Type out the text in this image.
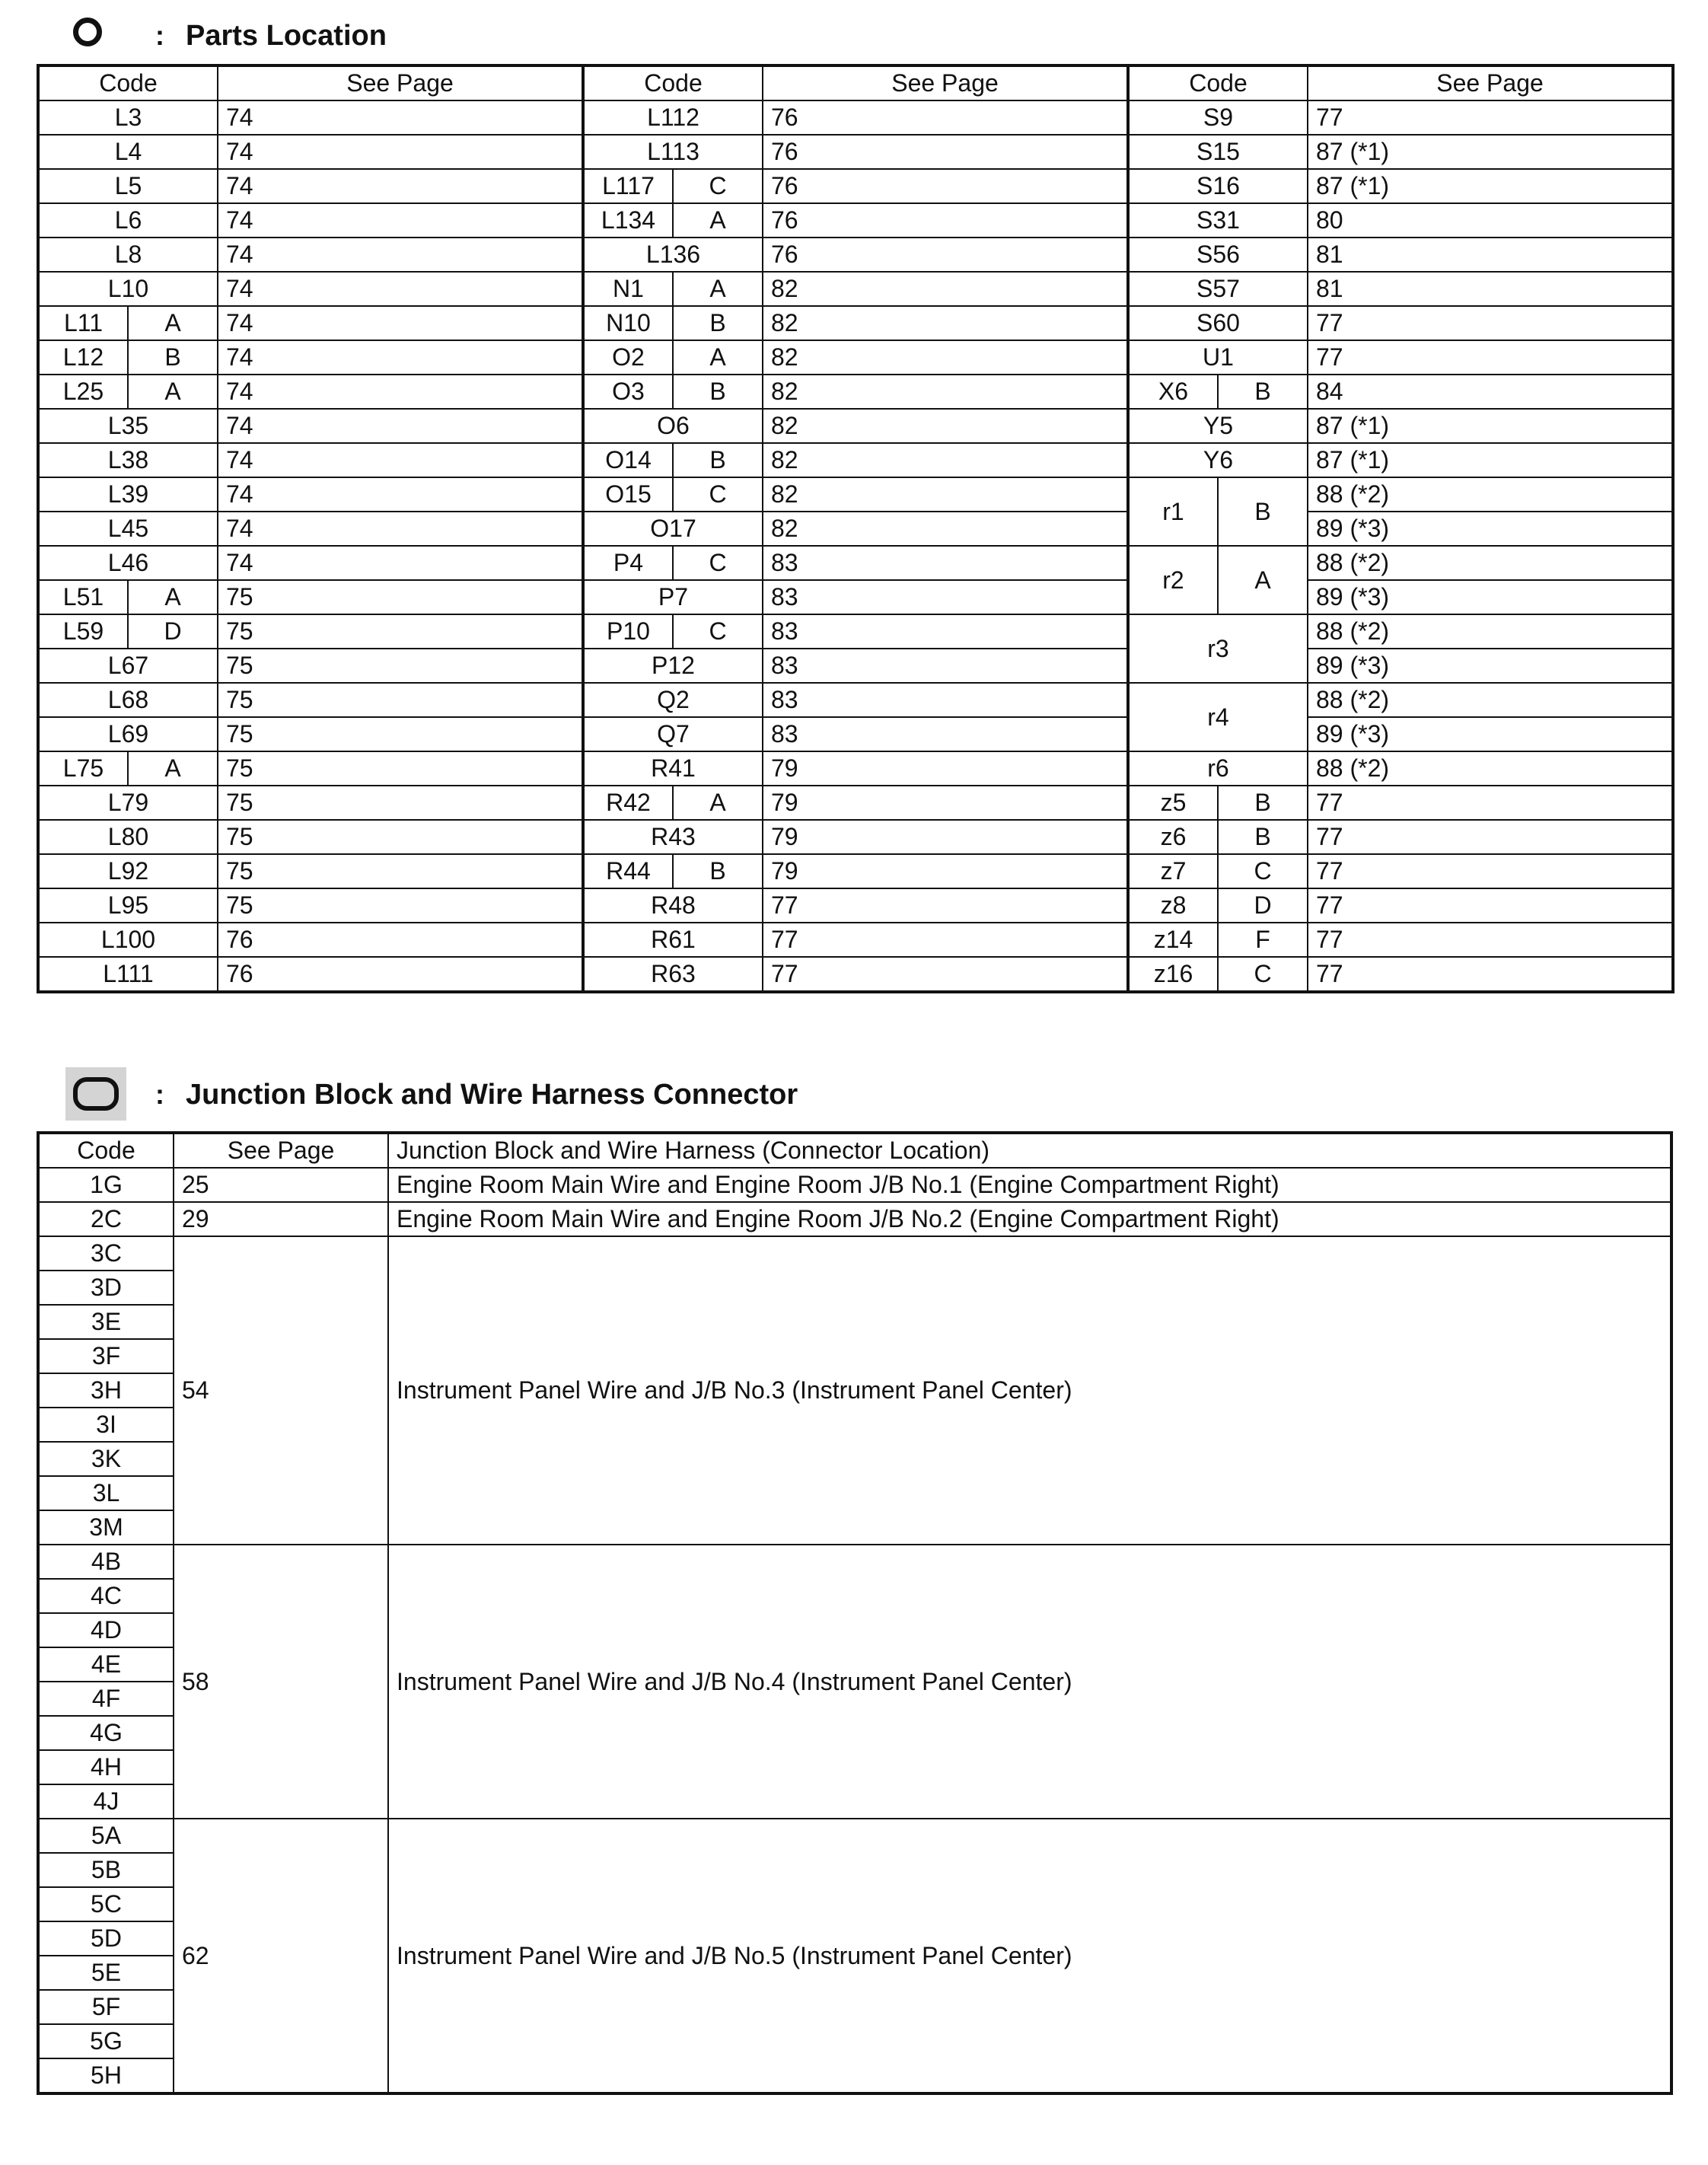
: Parts Location
Code		See Page	Code		See Page	Code		See Page
L3		74	L112		76	S9		77
L4		74	L113		76	S15		87 (*1)
L5		74	L117	C	76	S16		87 (*1)
L6		74	L134	A	76	S31		80
L8		74	L136		76	S56		81
L10		74	N1	A	82	S57		81
L11	A	74	N10	B	82	S60		77
L12	B	74	O2	A	82	U1		77
L25	A	74	O3	B	82	X6	B	84
L35		74	O6		82	Y5		87 (*1)
L38		74	O14	B	82	Y6		87 (*1)
L39		74	O15	C	82	r1	B	88 (*2)
L45		74	O17		82			89 (*3)
L46		74	P4	C	83	r2	A	88 (*2)
L51	A	75	P7		83			89 (*3)
L59	D	75	P10	C	83	r3		88 (*2)
L67		75	P12		83			89 (*3)
L68		75	Q2		83	r4		88 (*2)
L69		75	Q7		83			89 (*3)
L75	A	75	R41		79	r6		88 (*2)
L79		75	R42	A	79	z5	B	77
L80		75	R43		79	z6	B	77
L92		75	R44	B	79	z7	C	77
L95		75	R48		77	z8	D	77
L100		76	R61		77	z14	F	77
L111		76	R63		77	z16	C	77
: Junction Block and Wire Harness Connector
Code	See Page	Junction Block and Wire Harness (Connector Location)
1G	25	Engine Room Main Wire and Engine Room J/B No.1 (Engine Compartment Right)
2C	29	Engine Room Main Wire and Engine Room J/B No.2 (Engine Compartment Right)
3C	54	Instrument Panel Wire and J/B No.3 (Instrument Panel Center)
3D		
3E		
3F		
3H		
3I		
3K		
3L		
3M		
4B	58	Instrument Panel Wire and J/B No.4 (Instrument Panel Center)
4C		
4D		
4E		
4F		
4G		
4H		
4J		
5A	62	Instrument Panel Wire and J/B No.5 (Instrument Panel Center)
5B		
5C		
5D		
5E		
5F		
5G		
5H		
